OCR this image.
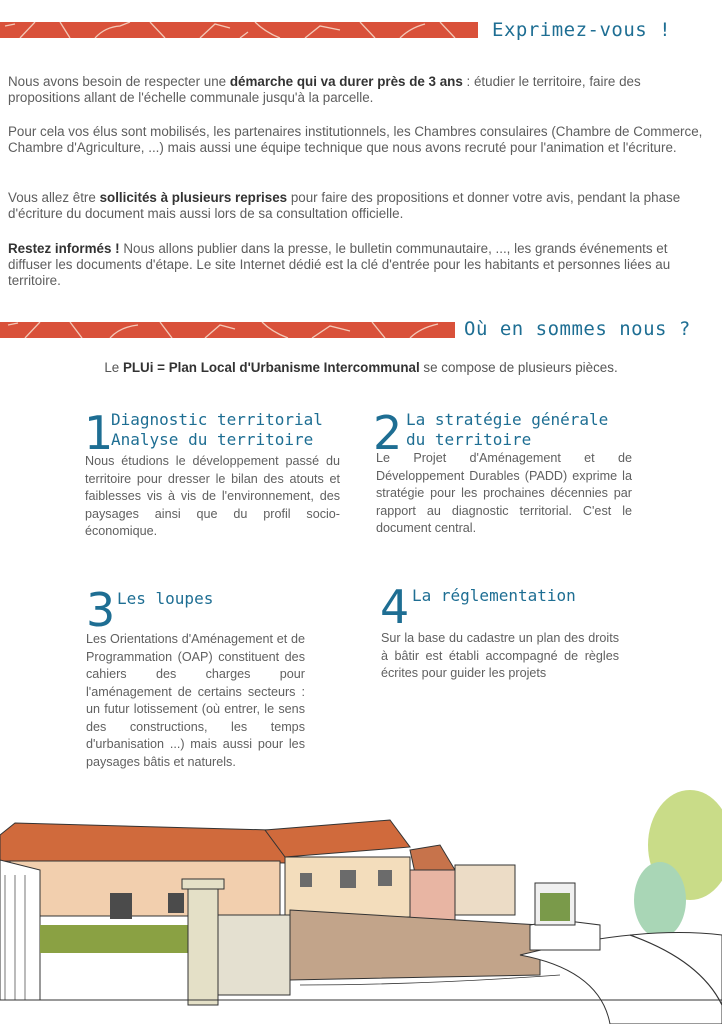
Exprimez-vous !
Nous avons besoin de respecter une démarche qui va durer près de 3 ans : étudier le territoire, faire des propositions allant de l'échelle communale jusqu'à la parcelle.
Pour cela vos élus sont mobilisés, les partenaires institutionnels, les Chambres consulaires (Chambre de Commerce, Chambre d'Agriculture, ...) mais aussi une équipe technique que nous avons recruté pour l'animation et l'écriture.
Vous allez être sollicités à plusieurs reprises pour faire des propositions et donner votre avis, pendant la phase d'écriture du document mais aussi lors de sa consultation officielle.
Restez informés ! Nous allons publier dans la presse, le bulletin communautaire, ..., les grands événements et diffuser les documents d'étape. Le site Internet dédié est la clé d'entrée pour les habitants et personnes liées au territoire.
Où en sommes nous ?
Le PLUi = Plan Local d'Urbanisme Intercommunal se compose de plusieurs pièces.
1
Diagnostic territorial
Analyse du territoire
Nous étudions le développement passé du territoire pour dresser le bilan des atouts et faiblesses vis à vis de l'environnement, des paysages ainsi que du profil socio-économique.
2 La stratégie générale
du territoire
Le Projet d'Aménagement et de Développement Durables (PADD) exprime la stratégie pour les prochaines décennies par rapport au diagnostic territorial. C'est le document central.
3 Les loupes
Les Orientations d'Aménagement et de Programmation (OAP) constituent des cahiers des charges pour l'aménagement de certains secteurs : un futur lotissement (où entrer, le sens des constructions, les temps d'urbanisation ...) mais aussi pour les paysages bâtis et naturels.
4 La réglementation
Sur la base du cadastre un plan des droits à bâtir est établi accompagné de règles écrites pour guider les projets
